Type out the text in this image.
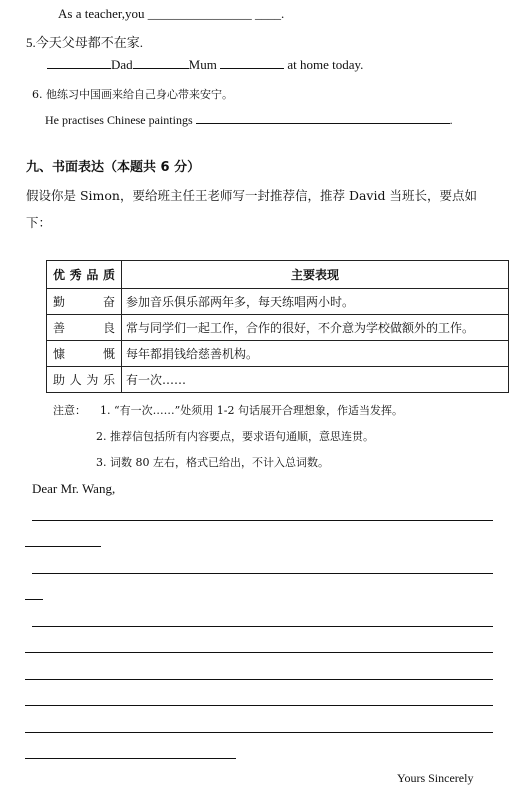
As a teacher,you ________________ ____.
5.今天父母都不在家.
Dad	Mum	at home today.
6. 他练习中国画来给自己身心带来安宁。
He practises Chinese paintings	.
九、书面表达（本题共 6 分）
假设你是 Simon，要给班主任王老师写一封推荐信，推荐 David 当班长，要点如
下：
优秀品质	主要表现
勤奋	参加音乐俱乐部两年多，每天练唱两小时。
善良	常与同学们一起工作，合作的很好，不介意为学校做额外的工作。
慷慨	每年都捐钱给慈善机构。
助人为乐	有一次……
注意： 1. “有一次……”处须用 1-2 句话展开合理想象，作适当发挥。
2. 推荐信包括所有内容要点，要求语句通顺，意思连贯。
3. 词数 80 左右，格式已给出，不计入总词数。
Dear Mr. Wang,
Yours Sincerely
